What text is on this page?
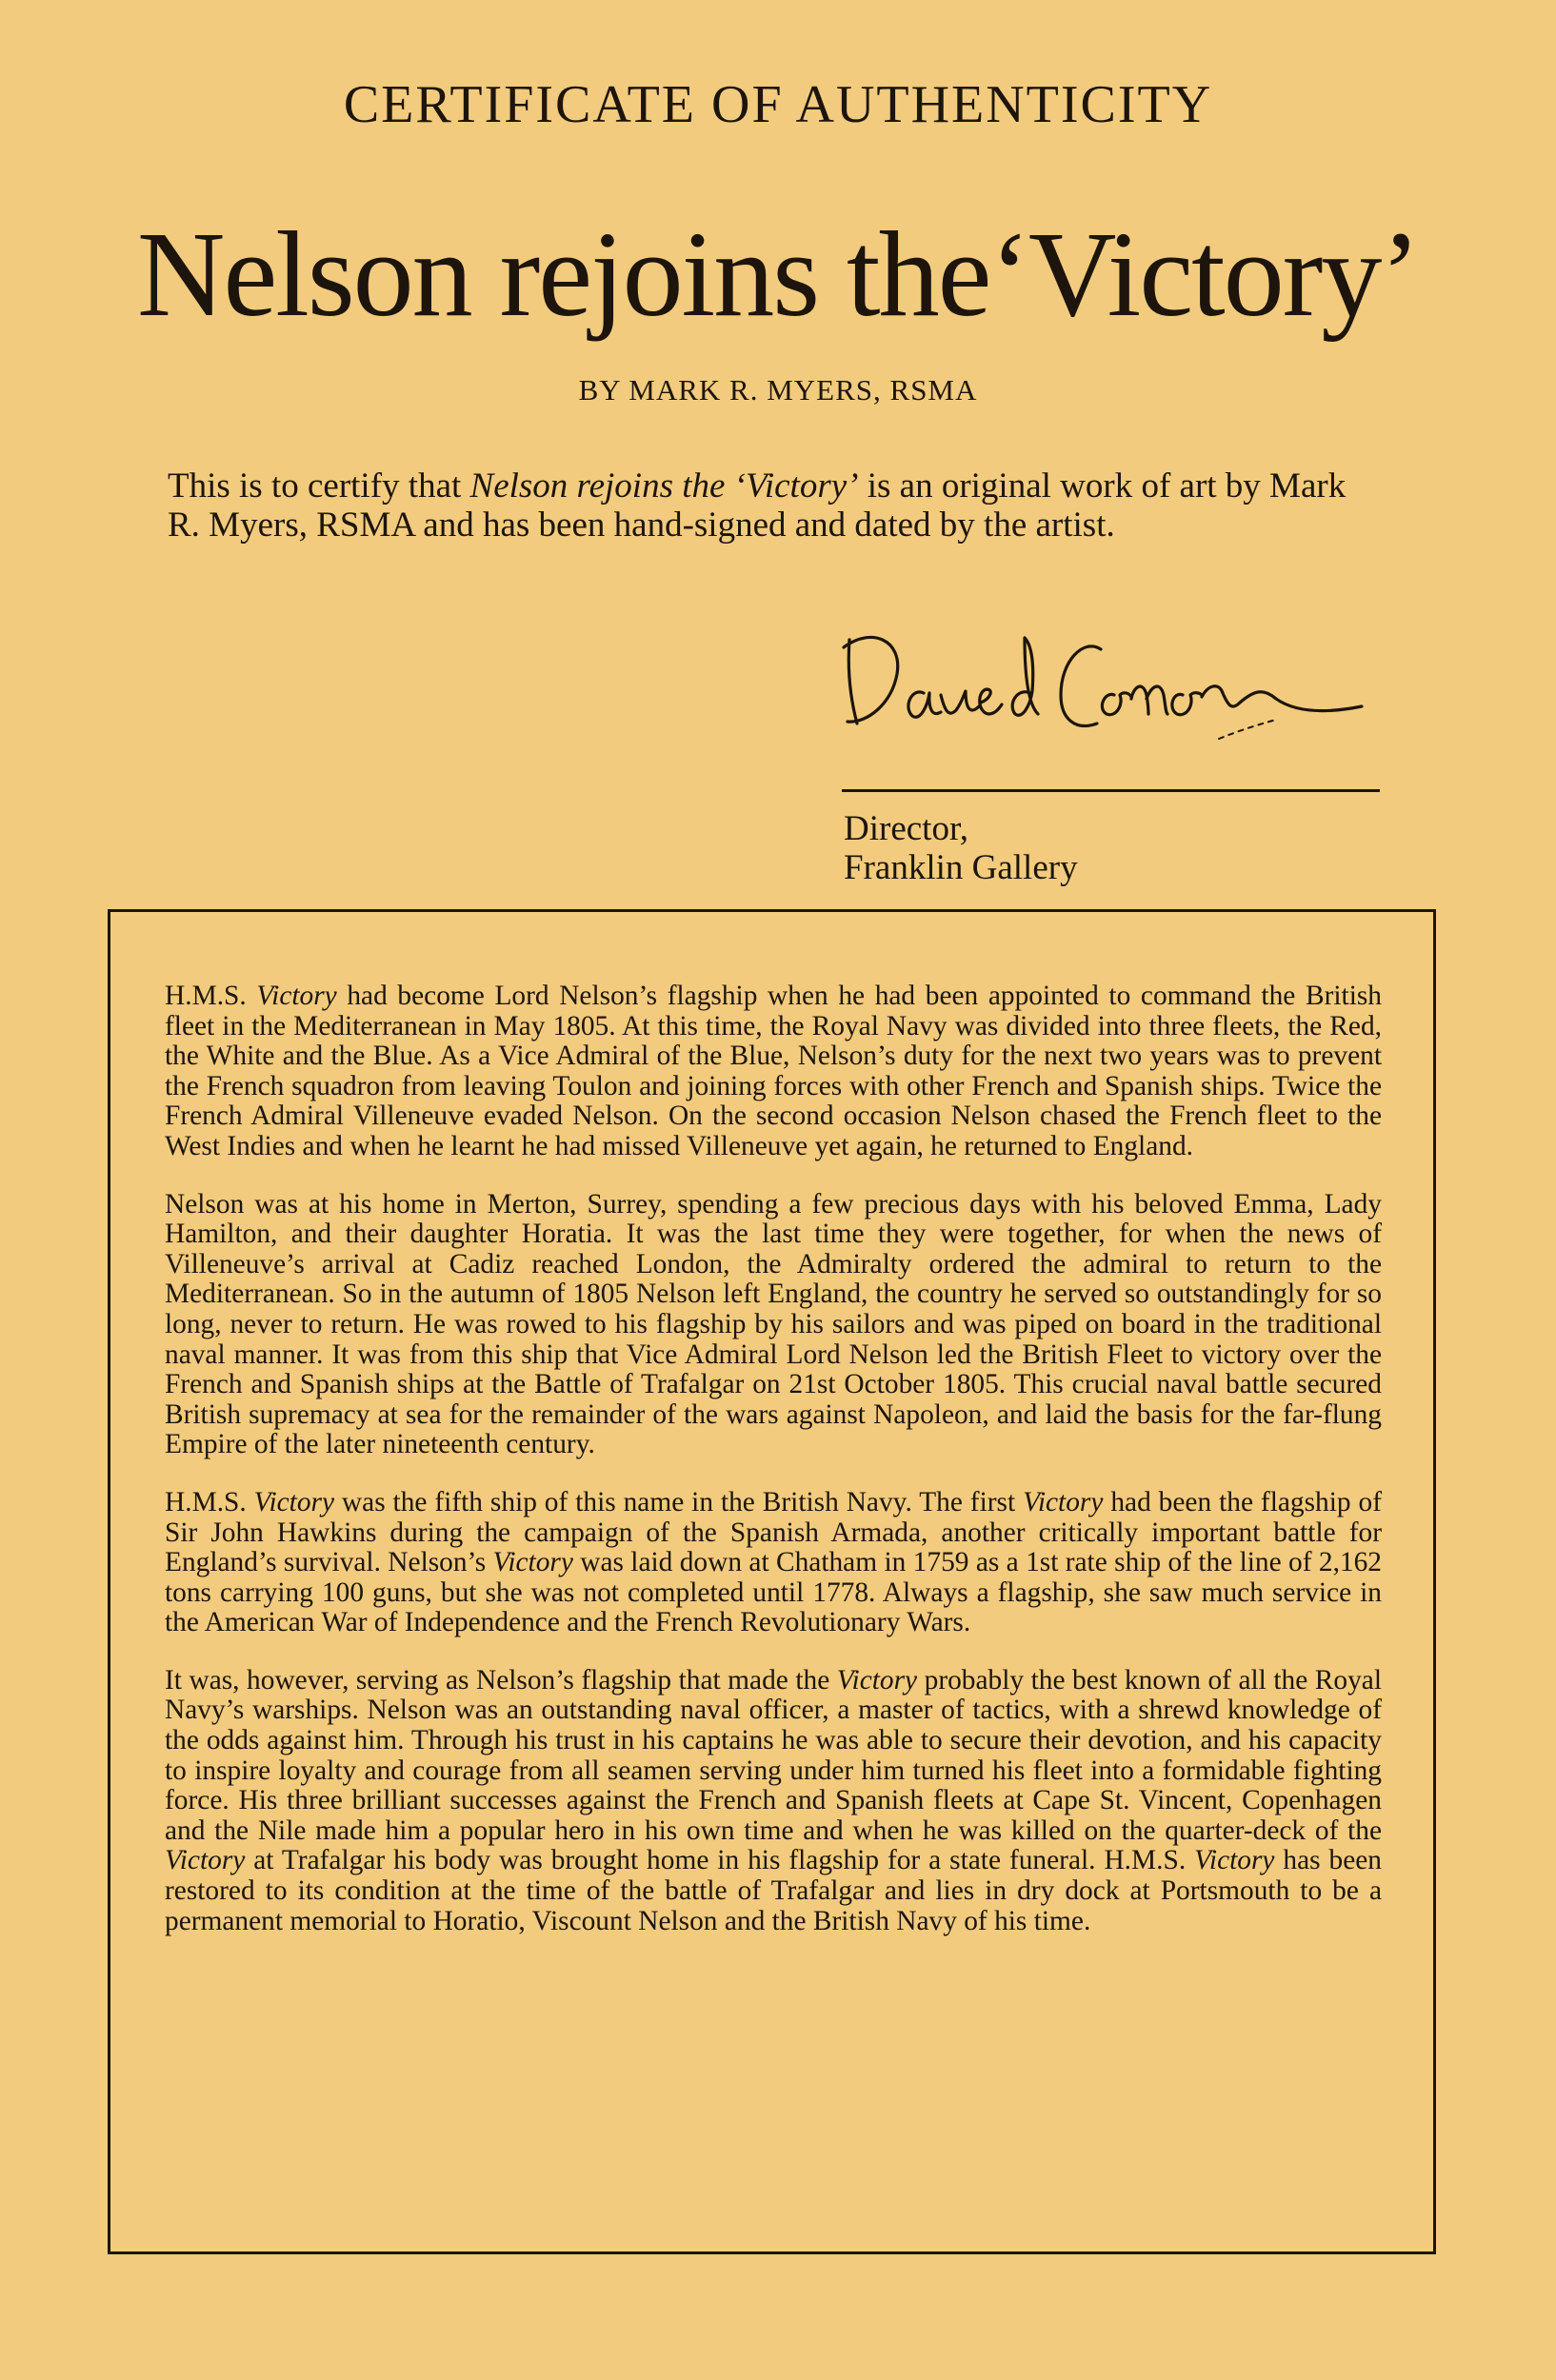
CERTIFICATE OF AUTHENTICITY
Nelson rejoins the‘Victory’
BY MARK R. MYERS, RSMA

This is to certify that Nelson rejoins the ‘Victory’ is an original work of art by Mark R. Myers, RSMA and has been hand-signed and dated by the artist.

Director,
Franklin Gallery

H.M.S. Victory had become Lord Nelson’s flagship when he had been appointed to command the British fleet in the Mediterranean in May 1805. At this time, the Royal Navy was divided into three fleets, the Red, the White and the Blue. As a Vice Admiral of the Blue, Nelson’s duty for the next two years was to prevent the French squadron from leaving Toulon and joining forces with other French and Spanish ships. Twice the French Admiral Villeneuve evaded Nelson. On the second occasion Nelson chased the French fleet to the West Indies and when he learnt he had missed Villeneuve yet again, he returned to England.

Nelson was at his home in Merton, Surrey, spending a few precious days with his beloved Emma, Lady Hamilton, and their daughter Horatia. It was the last time they were together, for when the news of Villeneuve’s arrival at Cadiz reached London, the Admiralty ordered the admiral to return to the Mediterranean. So in the autumn of 1805 Nelson left England, the country he served so outstandingly for so long, never to return. He was rowed to his flagship by his sailors and was piped on board in the traditional naval manner. It was from this ship that Vice Admiral Lord Nelson led the British Fleet to victory over the French and Spanish ships at the Battle of Trafalgar on 21st October 1805. This crucial naval battle secured British supremacy at sea for the remainder of the wars against Napoleon, and laid the basis for the far-flung Empire of the later nineteenth century.

H.M.S. Victory was the fifth ship of this name in the British Navy. The first Victory had been the flagship of Sir John Hawkins during the campaign of the Spanish Armada, another critically important battle for England’s survival. Nelson’s Victory was laid down at Chatham in 1759 as a 1st rate ship of the line of 2,162 tons carrying 100 guns, but she was not completed until 1778. Always a flagship, she saw much service in the American War of Independence and the French Revolutionary Wars.

It was, however, serving as Nelson’s flagship that made the Victory probably the best known of all the Royal Navy’s warships. Nelson was an outstanding naval officer, a master of tactics, with a shrewd knowledge of the odds against him. Through his trust in his captains he was able to secure their devotion, and his capacity to inspire loyalty and courage from all seamen serving under him turned his fleet into a formidable fighting force. His three brilliant successes against the French and Spanish fleets at Cape St. Vincent, Copenhagen and the Nile made him a popular hero in his own time and when he was killed on the quarter-deck of the Victory at Trafalgar his body was brought home in his flagship for a state funeral. H.M.S. Victory has been restored to its condition at the time of the battle of Trafalgar and lies in dry dock at Portsmouth to be a permanent memorial to Horatio, Viscount Nelson and the British Navy of his time.
